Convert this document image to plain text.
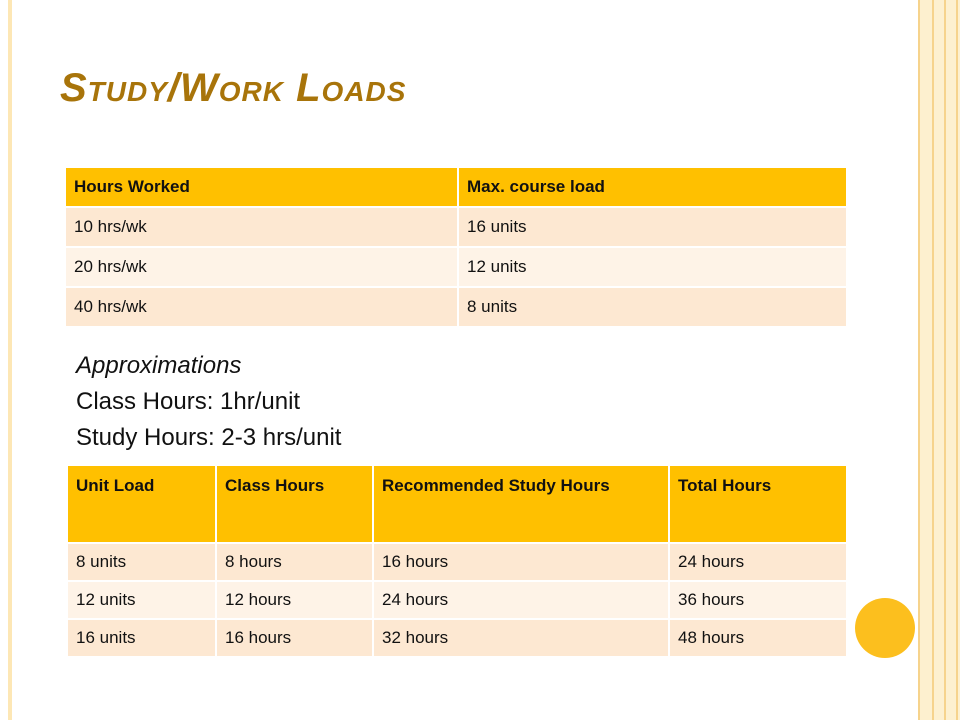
Study/Work Loads
Hours Worked	Max. course load
10 hrs/wk	16 units
20 hrs/wk	12 units
40 hrs/wk	8 units
Approximations
Class Hours: 1hr/unit
Study Hours: 2-3 hrs/unit
Unit Load	Class Hours	Recommended Study Hours	Total Hours
8 units	8 hours	16 hours	24 hours
12 units	12 hours	24 hours	36 hours
16 units	16 hours	32 hours	48 hours
